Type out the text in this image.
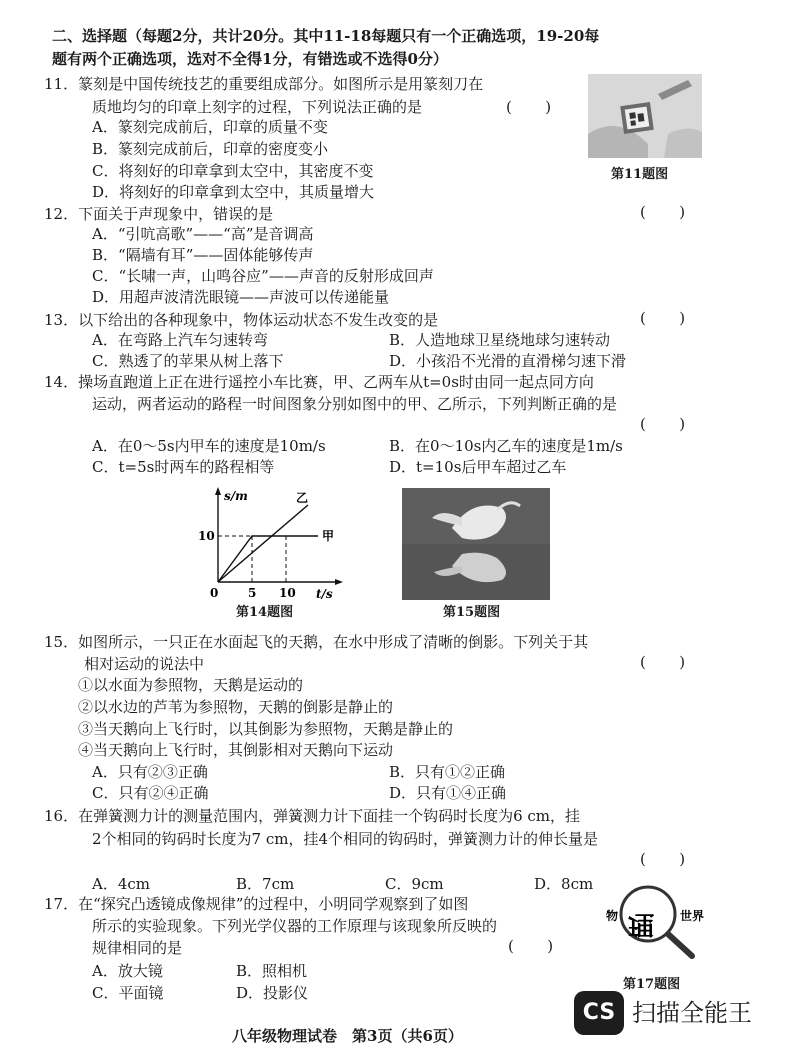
二、选择题（每题2分，共计20分。其中11-18每题只有一个正确选项，19-20每
题有两个正确选项，选对不全得1分，有错选或不选得0分）
11．篆刻是中国传统技艺的重要组成部分。如图所示是用篆刻刀在
质地均匀的印章上刻字的过程，下列说法正确的是	(       )
A．篆刻完成前后，印章的质量不变
B．篆刻完成前后，印章的密度变小
C．将刻好的印章拿到太空中，其密度不变
D．将刻好的印章拿到太空中，其质量增大
第11题图
12．下面关于声现象中，错误的是	(       )
A．“引吭高歌”——“高”是音调高
B．“隔墙有耳”——固体能够传声
C．“长啸一声，山鸣谷应”——声音的反射形成回声
D．用超声波清洗眼镜——声波可以传递能量
13．以下给出的各种现象中，物体运动状态不发生改变的是	(       )
A．在弯路上汽车匀速转弯	B．人造地球卫星绕地球匀速转动
C．熟透了的苹果从树上落下	D．小孩沿不光滑的直滑梯匀速下滑
14．操场直跑道上正在进行遥控小车比赛，甲、乙两车从t=0s时由同一起点同方向
运动，两者运动的路程一时间图象分别如图中的甲、乙所示，下列判断正确的是
(       )
A．在0～5s内甲车的速度是10m/s	B．在0～10s内乙车的速度是1m/s
C．t=5s时两车的路程相等	D．t=10s后甲车超过乙车
s/m
t/s
0
10
5 10
甲
乙
第14题图	第15题图
15．如图所示，一只正在水面起飞的天鹅，在水中形成了清晰的倒影。下列关于其
相对运动的说法中	(       )
①以水面为参照物，天鹅是运动的
②以水边的芦苇为参照物，天鹅的倒影是静止的
③当天鹅向上飞行时，以其倒影为参照物，天鹅是静止的
④当天鹅向上飞行时，其倒影相对天鹅向下运动
A．只有②③正确	B．只有①②正确
C．只有②④正确	D．只有①④正确
16．在弹簧测力计的测量范围内，弹簧测力计下面挂一个钩码时长度为6 cm，挂
2个相同的钩码时长度为7 cm，挂4个相同的钩码时，弹簧测力计的伸长量是
(       )
A．4cm	B．7cm	C．9cm	D．8cm
17．在“探究凸透镜成像规律”的过程中，小明同学观察到了如图
所示的实验现象。下列光学仪器的工作原理与该现象所反映的
规律相同的是	(       )
A．放大镜	B．照相机
C．平面镜	D．投影仪
物 理 世界
第17题图
CS 扫描全能王
八年级物理试卷　第3页（共6页）
